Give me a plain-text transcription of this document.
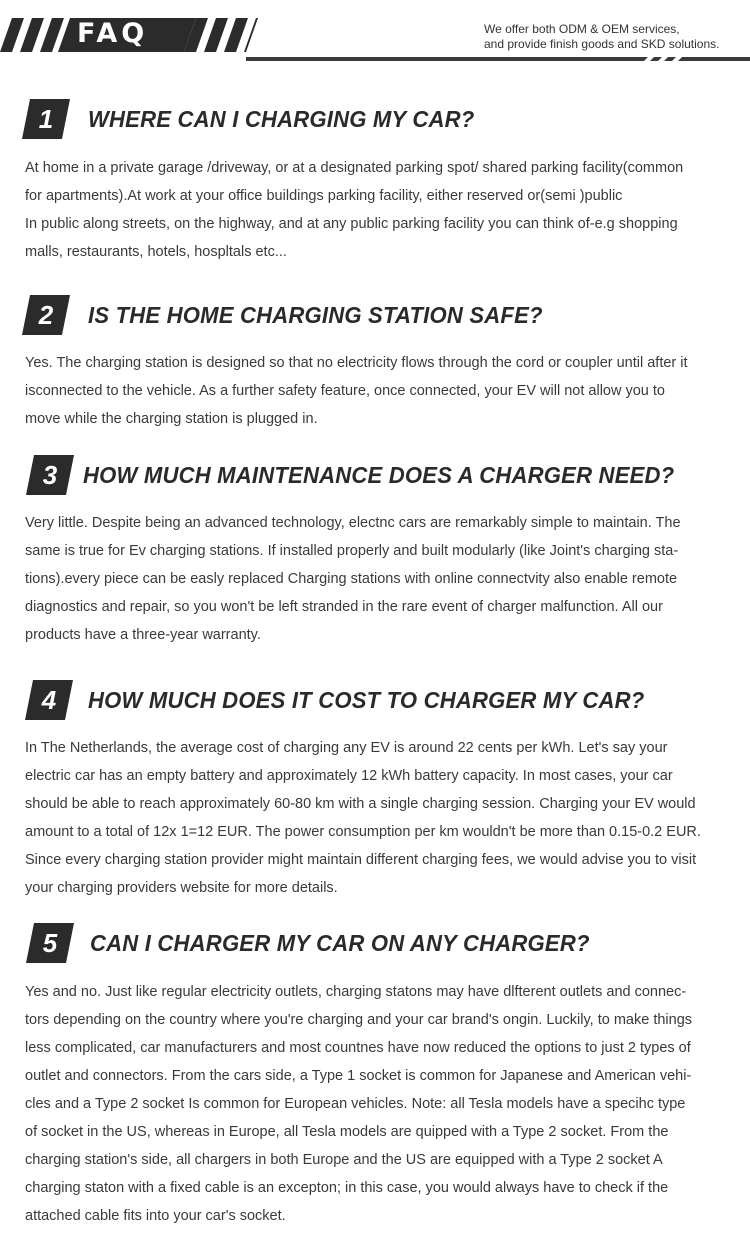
FAQ	We offer both ODM & OEM services,
and provide finish goods and SKD solutions.
1	WHERE CAN I CHARGING MY CAR?
At home in a private garage /driveway, or at a designated parking spot/ shared parking facility(common
for apartments).At work at your office buildings parking facility, either reserved or(semi )public
In public along streets, on the highway, and at any public parking facility you can think of-e.g shopping
malls, restaurants, hotels, hospltals etc...
2	IS THE HOME CHARGING STATION SAFE?
Yes. The charging station is designed so that no electricity flows through the cord or coupler until after it
isconnected to the vehicle. As a further safety feature, once connected, your EV will not allow you to
move while the charging station is plugged in.
3	HOW MUCH MAINTENANCE DOES A CHARGER NEED?
Very little. Despite being an advanced technology, electnc cars are remarkably simple to maintain. The
same is true for Ev charging stations. If installed properly and built modularly (like Joint's charging sta-
tions).every piece can be easly replaced Charging stations with online connectvity also enable remote
diagnostics and repair, so you won't be left stranded in the rare event of charger malfunction. All our
products have a three-year warranty.
4	HOW MUCH DOES IT COST TO CHARGER MY CAR?
In The Netherlands, the average cost of charging any EV is around 22 cents per kWh. Let's say your
electric car has an empty battery and approximately 12 kWh battery capacity. In most cases, your car
should be able to reach approximately 60-80 km with a single charging session. Charging your EV would
amount to a total of 12x 1=12 EUR. The power consumption per km wouldn't be more than 0.15-0.2 EUR.
Since every charging station provider might maintain different charging fees, we would advise you to visit
your charging providers website for more details.
5	CAN I CHARGER MY CAR ON ANY CHARGER?
Yes and no. Just like regular electricity outlets, charging statons may have dlfterent outlets and connec-
tors depending on the country where you're charging and your car brand's ongin. Luckily, to make things
less complicated, car manufacturers and most countnes have now reduced the options to just 2 types of
outlet and connectors. From the cars side, a Type 1 socket is common for Japanese and American vehi-
cles and a Type 2 socket Is common for European vehicles. Note: all Tesla models have a specihc type
of socket in the US, whereas in Europe, all Tesla models are quipped with a Type 2 socket. From the
charging station's side, all chargers in both Europe and the US are equipped with a Type 2 socket A
charging staton with a fixed cable is an excepton; in this case, you would always have to check if the
attached cable fits into your car's socket.
